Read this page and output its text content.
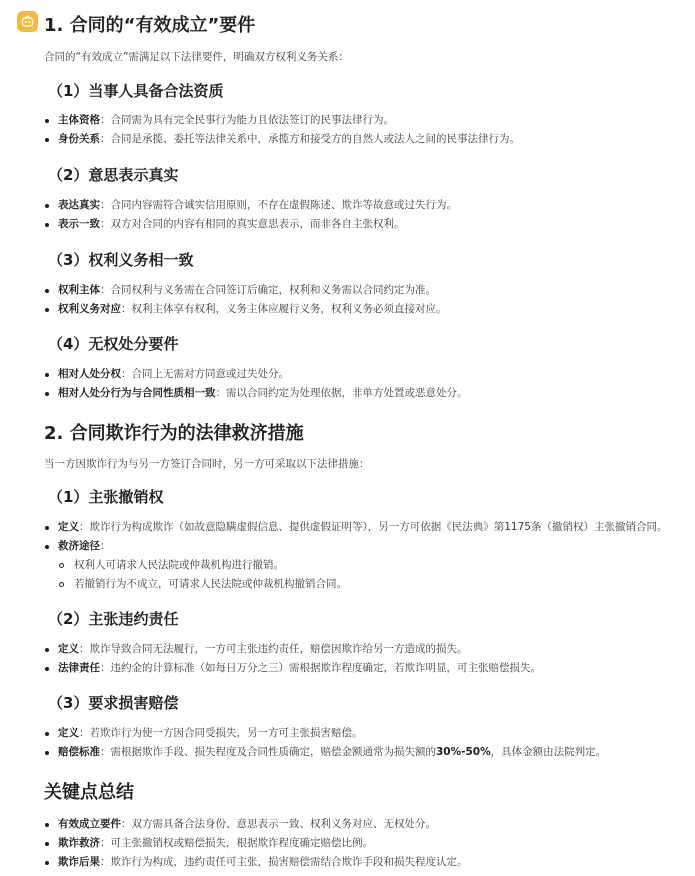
1. 合同的“有效成立”要件

合同的“有效成立”需满足以下法律要件，明确双方权利义务关系：

（1）当事人具备合法资质
主体资格：合同需为具有完全民事行为能力且依法签订的民事法律行为。
身份关系：合同是承揽、委托等法律关系中，承揽方和接受方的自然人或法人之间的民事法律行为。
（2）意思表示真实
表达真实：合同内容需符合诚实信用原则，不存在虚假陈述、欺诈等故意或过失行为。
表示一致：双方对合同的内容有相同的真实意思表示，而非各自主张权利。
（3）权利义务相一致
权利主体：合同权利与义务需在合同签订后确定，权利和义务需以合同约定为准。
权利义务对应：权利主体享有权利，义务主体应履行义务，权利义务必须直接对应。
（4）无权处分要件
相对人处分权：合同上无需对方同意或过失处分。
相对人处分行为与合同性质相一致：需以合同约定为处理依据，非单方处置或恶意处分。
2. 合同欺诈行为的法律救济措施

当一方因欺诈行为与另一方签订合同时，另一方可采取以下法律措施：

（1）主张撤销权
定义：欺诈行为构成欺诈（如故意隐瞒虚假信息、提供虚假证明等），另一方可依据《民法典》第1175条（撤销权）主张撤销合同。
救济途径：
权利人可请求人民法院或仲裁机构进行撤销。
若撤销行为不成立，可请求人民法院或仲裁机构撤销合同。
（2）主张违约责任
定义：欺诈导致合同无法履行，一方可主张违约责任，赔偿因欺诈给另一方造成的损失。
法律责任：违约金的计算标准（如每日万分之三）需根据欺诈程度确定，若欺诈明显，可主张赔偿损失。
（3）要求损害赔偿
定义：若欺诈行为使一方因合同受损失，另一方可主张损害赔偿。
赔偿标准：需根据欺诈手段、损失程度及合同性质确定，赔偿金额通常为损失额的30%-50%，具体金额由法院判定。
关键点总结
有效成立要件：双方需具备合法身份、意思表示一致、权利义务对应、无权处分。
欺诈救济：可主张撤销权或赔偿损失，根据欺诈程度确定赔偿比例。
欺诈后果：欺诈行为构成，违约责任可主张，损害赔偿需结合欺诈手段和损失程度认定。
